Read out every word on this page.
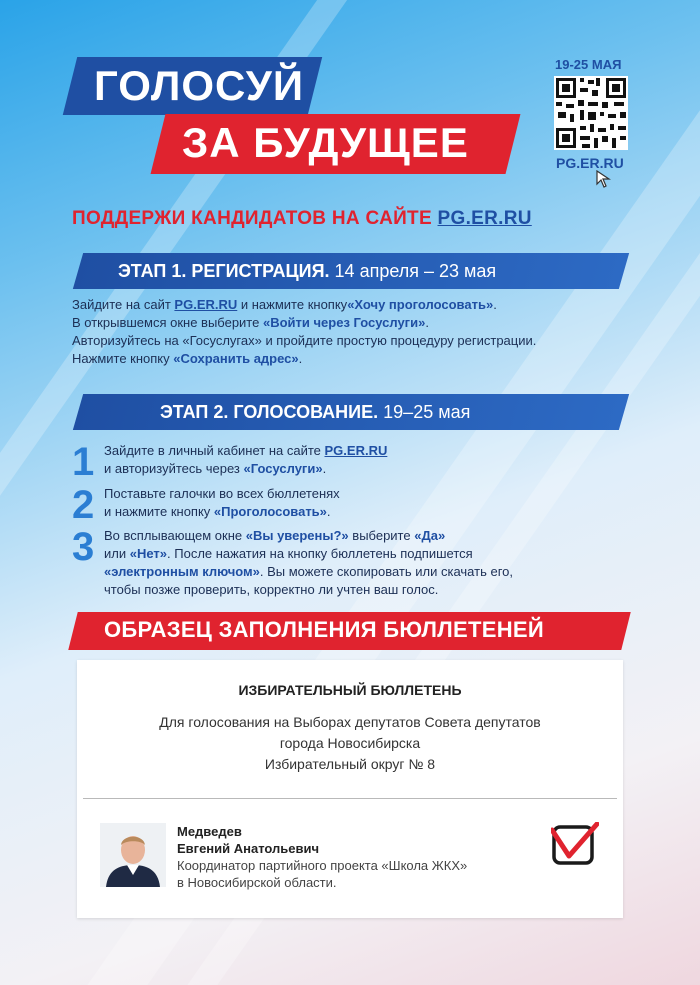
ГОЛОСУЙ
ЗА БУДУЩЕЕ
19-25 МАЯ
PG.ER.RU
ПОДДЕРЖИ КАНДИДАТОВ НА САЙТЕ PG.ER.RU
ЭТАП 1. РЕГИСТРАЦИЯ. 14 апреля – 23 мая
Зайдите на сайт PG.ER.RU и нажмите кнопку«Хочу проголосовать».
В открывшемся окне выберите «Войти через Госуслуги».
Авторизуйтесь на «Госуслугах» и пройдите простую процедуру регистрации.
Нажмите кнопку «Сохранить адрес».
ЭТАП 2. ГОЛОСОВАНИЕ. 19–25 мая
1 Зайдите в личный кабинет на сайте PG.ER.RU
и авторизуйтесь через «Госуслуги».
2 Поставьте галочки во всех бюллетенях
и нажмите кнопку «Проголосовать».
3 Во всплывающем окне «Вы уверены?» выберите «Да»
или «Нет». После нажатия на кнопку бюллетень подпишется
«электронным ключом». Вы можете скопировать или скачать его,
чтобы позже проверить, корректно ли учтен ваш голос.
ОБРАЗЕЦ ЗАПОЛНЕНИЯ БЮЛЛЕТЕНЕЙ
ИЗБИРАТЕЛЬНЫЙ БЮЛЛЕТЕНЬ
Для голосования на Выборах депутатов Совета депутатов
города Новосибирска
Избирательный округ № 8
Медведев
Евгений Анатольевич
Координатор партийного проекта «Школа ЖКХ»
в Новосибирской области.
